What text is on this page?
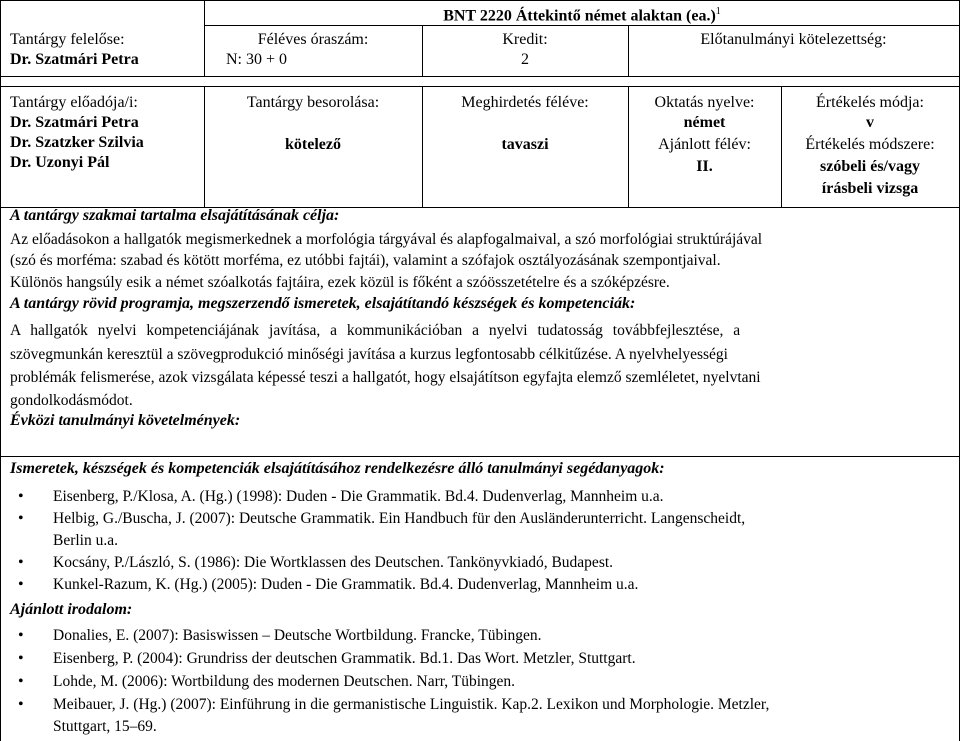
BNT 2220 Áttekintő német alaktan $(ea.)^1$
Tantárgy felelőse:
Dr. Szatmári Petra
Féléves óraszám:
N: 30 + 0
Kredit:
2
Előtanulmányi kötelezettség:
Tantárgy előadója/i:
Dr. Szatmári Petra
Dr. Szatzker Szilvia
Dr. Uzonyi Pál
Tantárgy besorolása:
kötelező
Meghirdetés féléve:
tavaszi
Oktatás nyelve:
német
Ajánlott félév:
II.
Értékelés módja:
v
Értékelés módszere:
szóbeli és/vagy
írásbeli vizsga
A tantárgy szakmai tartalma elsajátításának célja:
Az előadásokon a hallgatók megismerkednek a morfológia tárgyával és alapfogalmaival, a szó morfológiai struktúrájával
(szó és morféma: szabad és kötött morféma, ez utóbbi fajtái), valamint a szófajok osztályozásának szempontjaival.
Különös hangsúly esik a német szóalkotás fajtáira, ezek közül is főként a szóösszetételre és a szóképzésre.
A tantárgy rövid programja, megszerzendő ismeretek, elsajátítandó készségek és kompetenciák:
A hallgatók nyelvi kompetenciájának javítása, a kommunikációban a nyelvi tudatosság továbbfejlesztése, a
szövegmunkán keresztül a szövegprodukció minőségi javítása a kurzus legfontosabb célkitűzése. A nyelvhelyességi
problémák felismerése, azok vizsgálata képessé teszi a hallgatót, hogy elsajátítson egyfajta elemző szemléletet, nyelvtani
gondolkodásmódot.
Évközi tanulmányi követelmények:
Ismeretek, készségek és kompetenciák elsajátításához rendelkezésre álló tanulmányi segédanyagok:
• Eisenberg, P./Klosa, A. (Hg.) (1998): Duden - Die Grammatik. Bd.4. Dudenverlag, Mannheim u.a.
• Helbig, G./Buscha, J. (2007): Deutsche Grammatik. Ein Handbuch für den Ausländerunterricht. Langenscheidt,
Berlin u.a.
• Kocsány, P./László, S. (1986): Die Wortklassen des Deutschen. Tankönyvkiadó, Budapest.
• Kunkel-Razum, K. (Hg.) (2005): Duden - Die Grammatik. Bd.4. Dudenverlag, Mannheim u.a.
Ajánlott irodalom:
• Donalies, E. (2007): Basiswissen – Deutsche Wortbildung. Francke, Tübingen.
• Eisenberg, P. (2004): Grundriss der deutschen Grammatik. Bd.1. Das Wort. Metzler, Stuttgart.
• Lohde, M. (2006): Wortbildung des modernen Deutschen. Narr, Tübingen.
• Meibauer, J. (Hg.) (2007): Einführung in die germanistische Linguistik. Kap.2. Lexikon und Morphologie. Metzler,
Stuttgart, 15–69.
